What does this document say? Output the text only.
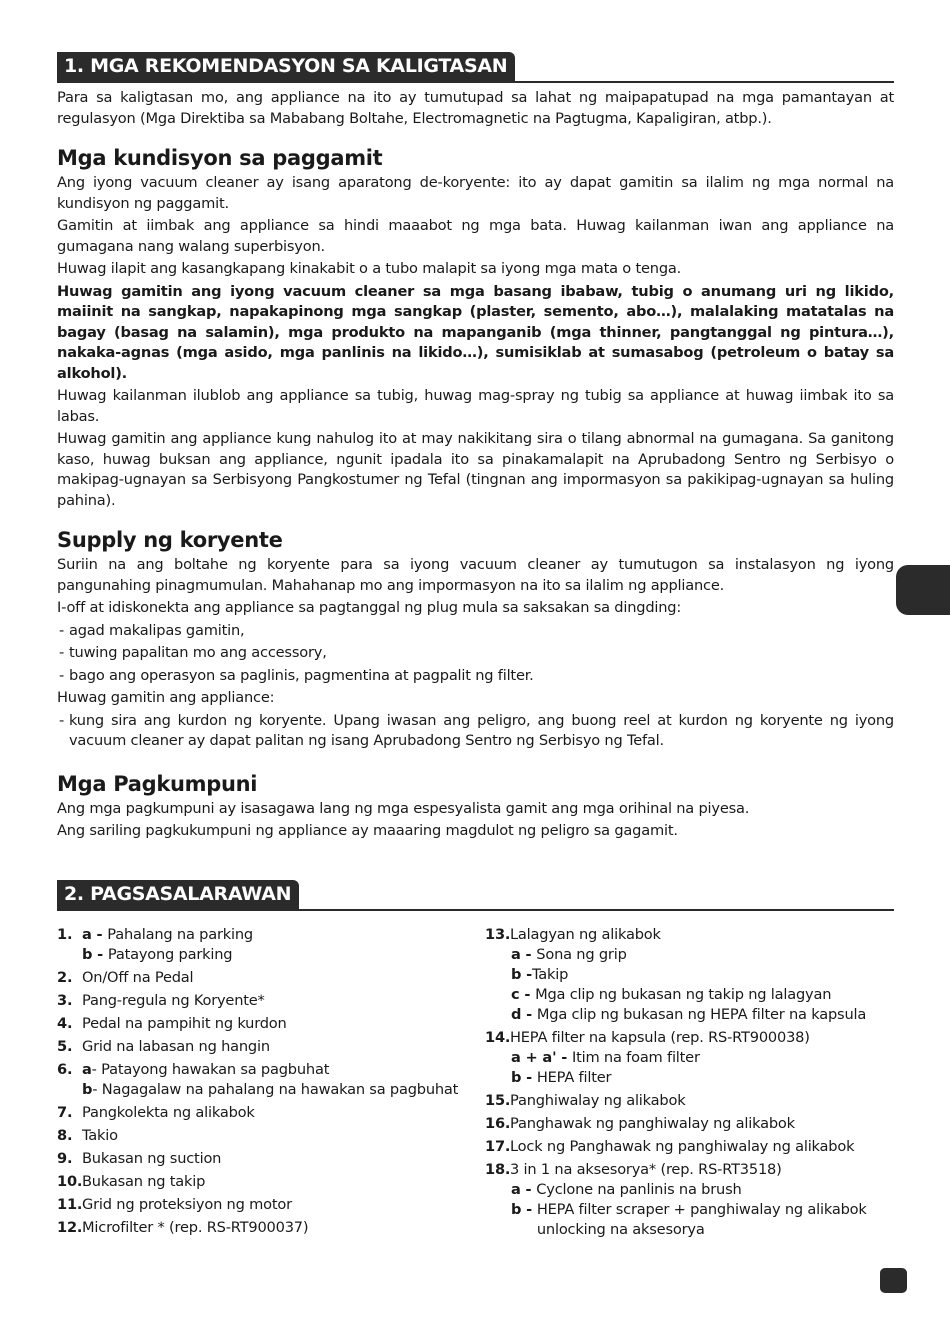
1. MGA REKOMENDASYON SA KALIGTASAN

Para sa kaligtasan mo, ang appliance na ito ay tumutupad sa lahat ng maipapatupad na mga pamantayan at regulasyon (Mga Direktiba sa Mababang Boltahe, Electromagnetic na Pagtugma, Kapaligiran, atbp.).

Mga kundisyon sa paggamit

Ang iyong vacuum cleaner ay isang aparatong de-koryente: ito ay dapat gamitin sa ilalim ng mga normal na kundisyon ng paggamit.

Gamitin at iimbak ang appliance sa hindi maaabot ng mga bata. Huwag kailanman iwan ang appliance na gumagana nang walang superbisyon.

Huwag ilapit ang kasangkapang kinakabit o a tubo malapit sa iyong mga mata o tenga.

Huwag gamitin ang iyong vacuum cleaner sa mga basang ibabaw, tubig o anumang uri ng likido, maiinit na sangkap, napakapinong mga sangkap (plaster, semento, abo…), malalaking matatalas na bagay (basag na salamin), mga produkto na mapanganib (mga thinner, pangtanggal ng pintura…), nakaka-agnas (mga asido, mga panlinis na likido…), sumisiklab at sumasabog (petroleum o batay sa alkohol).

Huwag kailanman ilublob ang appliance sa tubig, huwag mag-spray ng tubig sa appliance at huwag iimbak ito sa labas.

Huwag gamitin ang appliance kung nahulog ito at may nakikitang sira o tilang abnormal na gumagana. Sa ganitong kaso, huwag buksan ang appliance, ngunit ipadala ito sa pinakamalapit na Aprubadong Sentro ng Serbisyo o makipag-ugnayan sa Serbisyong Pangkostumer ng Tefal (tingnan ang impormasyon sa pakikipag-ugnayan sa huling pahina).

Supply ng koryente

Suriin na ang boltahe ng koryente para sa iyong vacuum cleaner ay tumutugon sa instalasyon ng iyong pangunahing pinagmumulan. Mahahanap mo ang impormasyon na ito sa ilalim ng appliance.

I-off at idiskonekta ang appliance sa pagtanggal ng plug mula sa saksakan sa dingding:

- agad makalipas gamitin,
- tuwing papalitan mo ang accessory,
- bago ang operasyon sa paglinis, pagmentina at pagpalit ng filter.

Huwag gamitin ang appliance:

- kung sira ang kurdon ng koryente. Upang iwasan ang peligro, ang buong reel at kurdon ng koryente ng iyong vacuum cleaner ay dapat palitan ng isang Aprubadong Sentro ng Serbisyo ng Tefal.
Mga Pagkumpuni

Ang mga pagkumpuni ay isasagawa lang ng mga espesyalista gamit ang mga orihinal na piyesa.

Ang sariling pagkukumpuni ng appliance ay maaaring magdulot ng peligro sa gagamit.

2. PAGSASALARAWAN
1. a - Pahalang na parking
b - Patayong parking
2. On/Off na Pedal
3. Pang-regula ng Koryente*
4. Pedal na pampihit ng kurdon
5. Grid na labasan ng hangin
6. a - Patayong hawakan sa pagbuhat
b - Nagagalaw na pahalang na hawakan sa pagbuhat
7. Pangkolekta ng alikabok
8. Takio
9. Bukasan ng suction
10. Bukasan ng takip
11. Grid ng proteksiyon ng motor
12. Microfilter * (rep. RS-RT900037)
13. Lalagyan ng alikabok
a - Sona ng grip
b - Takip
c - Mga clip ng bukasan ng takip ng lalagyan
d - Mga clip ng bukasan ng HEPA filter na kapsula
14. HEPA filter na kapsula (rep. RS-RT900038)
a + a' - Itim na foam filter
b - HEPA filter
15. Panghiwalay ng alikabok
16. Panghawak ng panghiwalay ng alikabok
17. Lock ng Panghawak ng panghiwalay ng alikabok
18. 3 in 1 na aksesorya* (rep. RS-RT3518)
a - Cyclone na panlinis na brush
b - HEPA filter scraper + panghiwalay ng alikabok unlocking na aksesorya
